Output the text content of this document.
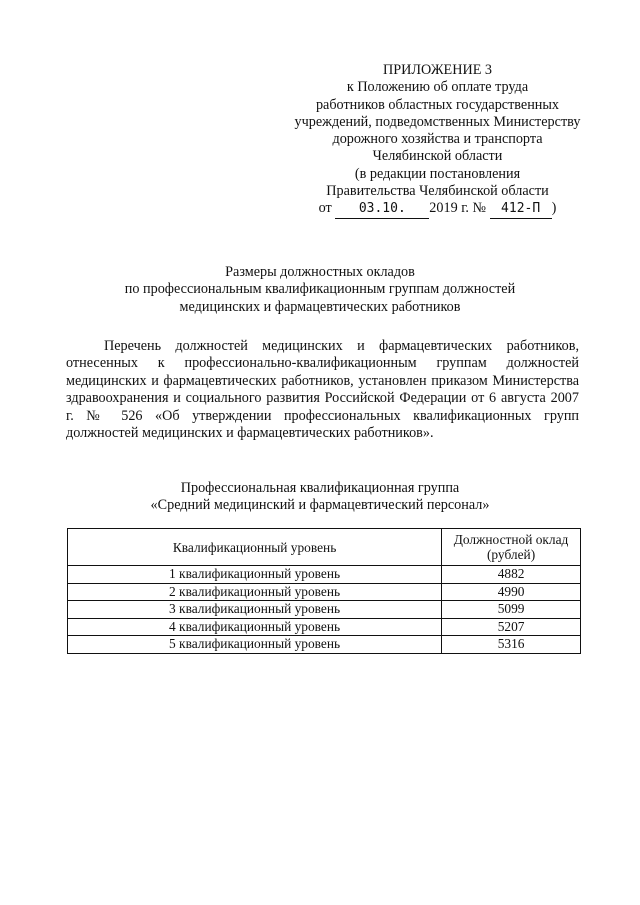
ПРИЛОЖЕНИЕ 3
к Положению об оплате труда
работников областных государственных
учреждений, подведомственных Министерству
дорожного хозяйства и транспорта
Челябинской области
(в редакции постановления
Правительства Челябинской области
от 03.10. 2019 г. № 412-П )
Размеры должностных окладов
по профессиональным квалификационным группам должностей
медицинских и фармацевтических работников
Перечень должностей медицинских и фармацевтических работников, отнесенных к профессионально-квалификационным группам должностей медицинских и фармацевтических работников, установлен приказом Министерства здравоохранения и социального развития Российской Федерации от 6 августа 2007 г. № 526 «Об утверждении профессиональных квалификационных групп должностей медицинских и фармацевтических работников».
Профессиональная квалификационная группа
«Средний медицинский и фармацевтический персонал»
Квалификационный уровень	Должностной оклад (рублей)
1 квалификационный уровень	4882
2 квалификационный уровень	4990
3 квалификационный уровень	5099
4 квалификационный уровень	5207
5 квалификационный уровень	5316
